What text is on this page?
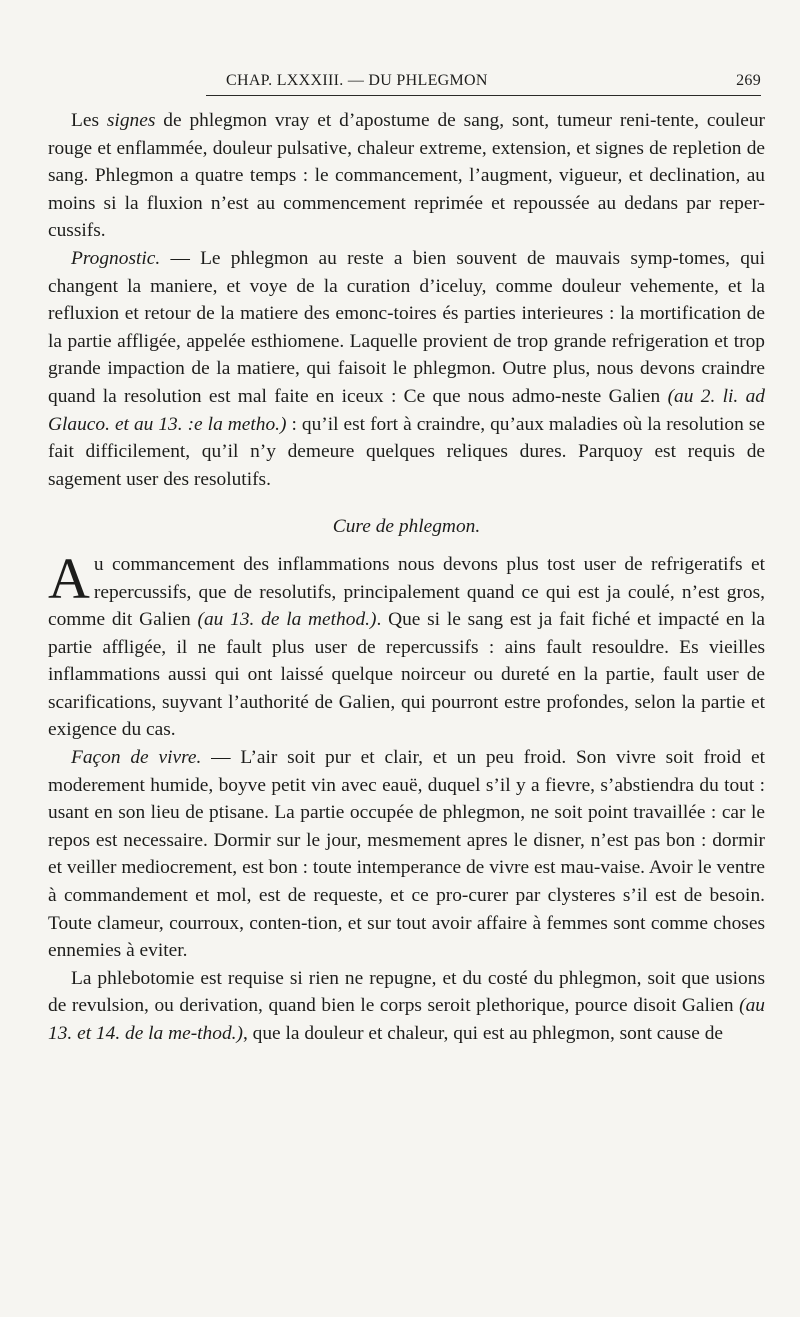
CHAP. LXXXIII. — DU PHLEGMON	269

Les signes de phlegmon vray et d’apostume de sang, sont, tumeur reni-tente, couleur rouge et enflammée, douleur pulsative, chaleur extreme, extension, et signes de repletion de sang. Phlegmon a quatre temps : le commancement, l’augment, vigueur, et declination, au moins si la fluxion n’est au commencement reprimée et repoussée au dedans par reper-cussifs.

Prognostic. — Le phlegmon au reste a bien souvent de mauvais symp-tomes, qui changent la maniere, et voye de la curation d’iceluy, comme douleur vehemente, et la refluxion et retour de la matiere des emonc-toires és parties interieures : la mortification de la partie affligée, appelée esthiomene. Laquelle provient de trop grande refrigeration et trop grande impaction de la matiere, qui faisoit le phlegmon. Outre plus, nous devons craindre quand la resolution est mal faite en iceux : Ce que nous admo-neste Galien (au 2. li. ad Glauco. et au 13. :e la metho.) : qu’il est fort à craindre, qu’aux maladies où la resolution se fait difficilement, qu’il n’y demeure quelques reliques dures. Parquoy est requis de sagement user des resolutifs.

Cure de phlegmon.

Au commancement des inflammations nous devons plus tost user de refrigeratifs et repercussifs, que de resolutifs, principalement quand ce qui est ja coulé, n’est gros, comme dit Galien (au 13. de la method.). Que si le sang est ja fait fiché et impacté en la partie affligée, il ne fault plus user de repercussifs : ains fault resouldre. Es vieilles inflammations aussi qui ont laissé quelque noirceur ou dureté en la partie, fault user de scarifications, suyvant l’authorité de Galien, qui pourront estre profondes, selon la partie et exigence du cas.

Façon de vivre. — L’air soit pur et clair, et un peu froid. Son vivre soit froid et moderement humide, boyve petit vin avec eauë, duquel s’il y a fievre, s’abstiendra du tout : usant en son lieu de ptisane. La partie occupée de phlegmon, ne soit point travaillée : car le repos est necessaire. Dormir sur le jour, mesmement apres le disner, n’est pas bon : dormir et veiller mediocrement, est bon : toute intemperance de vivre est mau-vaise. Avoir le ventre à commandement et mol, est de requeste, et ce pro-curer par clysteres s’il est de besoin. Toute clameur, courroux, conten-tion, et sur tout avoir affaire à femmes sont comme choses ennemies à eviter.

La phlebotomie est requise si rien ne repugne, et du costé du phlegmon, soit que usions de revulsion, ou derivation, quand bien le corps seroit plethorique, pource disoit Galien (au 13. et 14. de la me-thod.), que la douleur et chaleur, qui est au phlegmon, sont cause de
